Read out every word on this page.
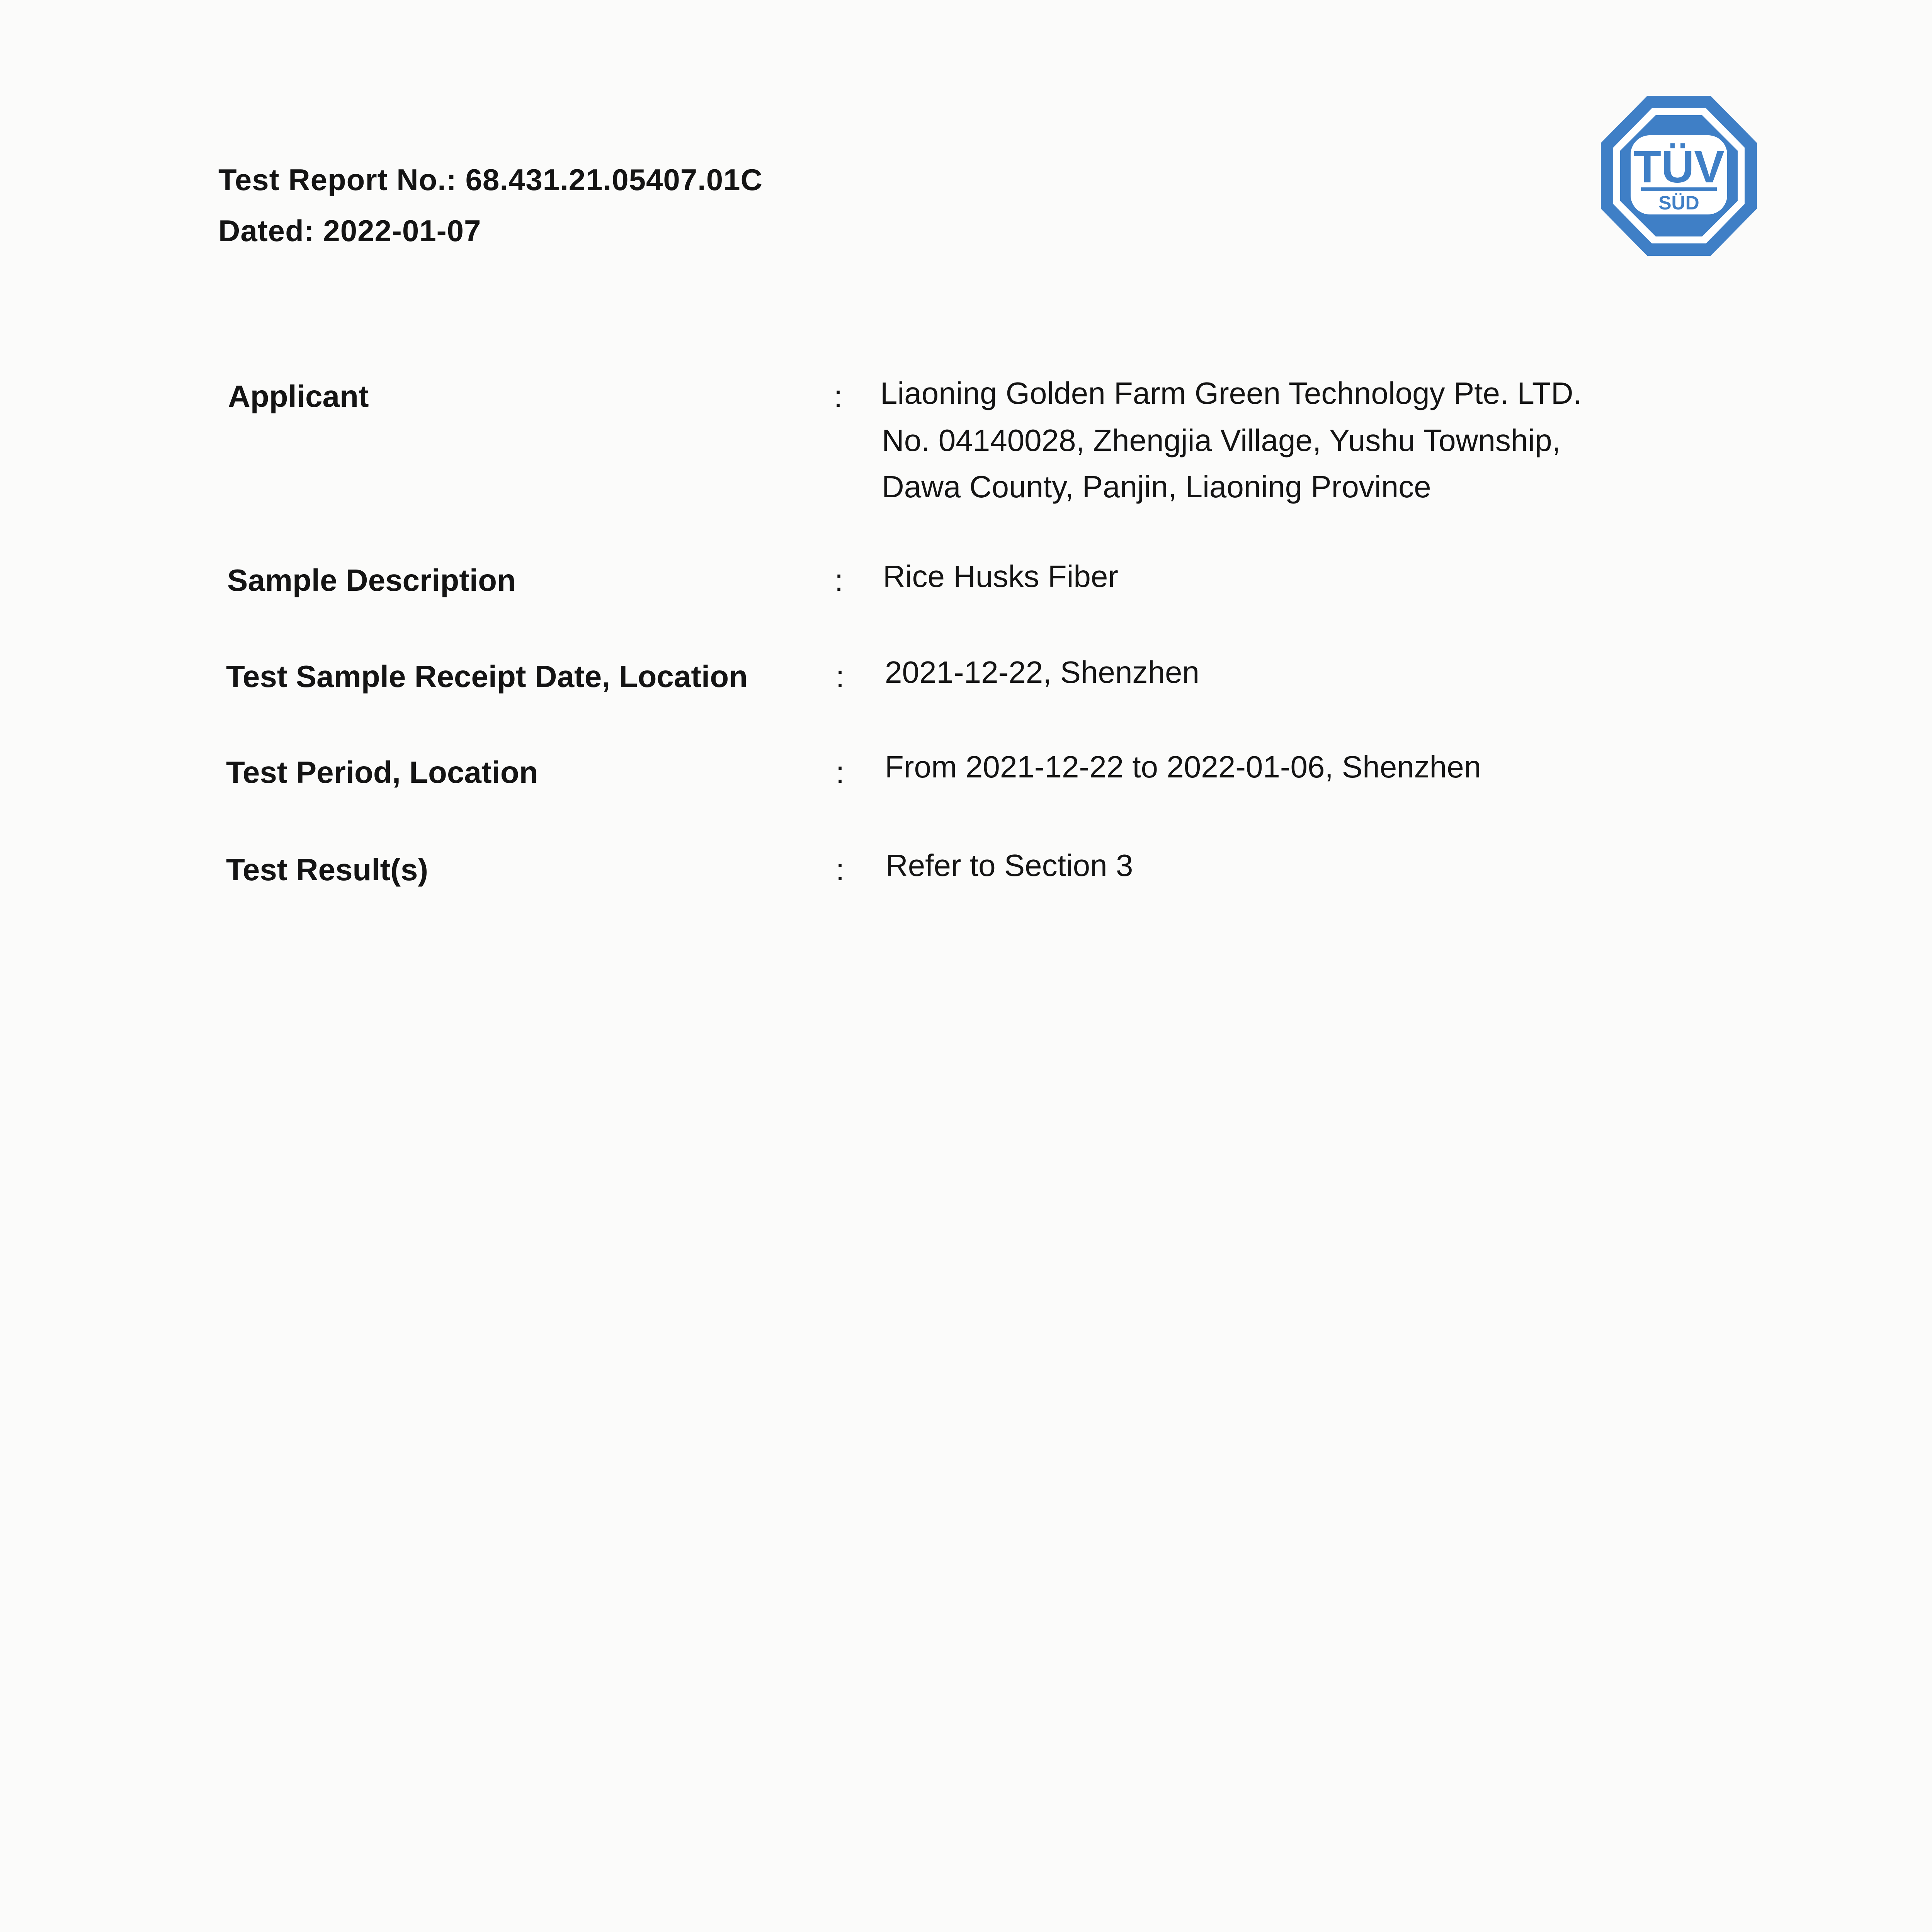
Test Report No.: 68.431.21.05407.01C
Dated: 2022-01-07
TÜV
SÜD
Applicant	: Liaoning Golden Farm Green Technology Pte. LTD.
No. 04140028, Zhengjia Village, Yushu Township,
Dawa County, Panjin, Liaoning Province
Sample Description	: Rice Husks Fiber
Test Sample Receipt Date, Location	: 2021-12-22, Shenzhen
Test Period, Location	: From 2021-12-22 to 2022-01-06, Shenzhen
Test Result(s)	: Refer to Section 3
